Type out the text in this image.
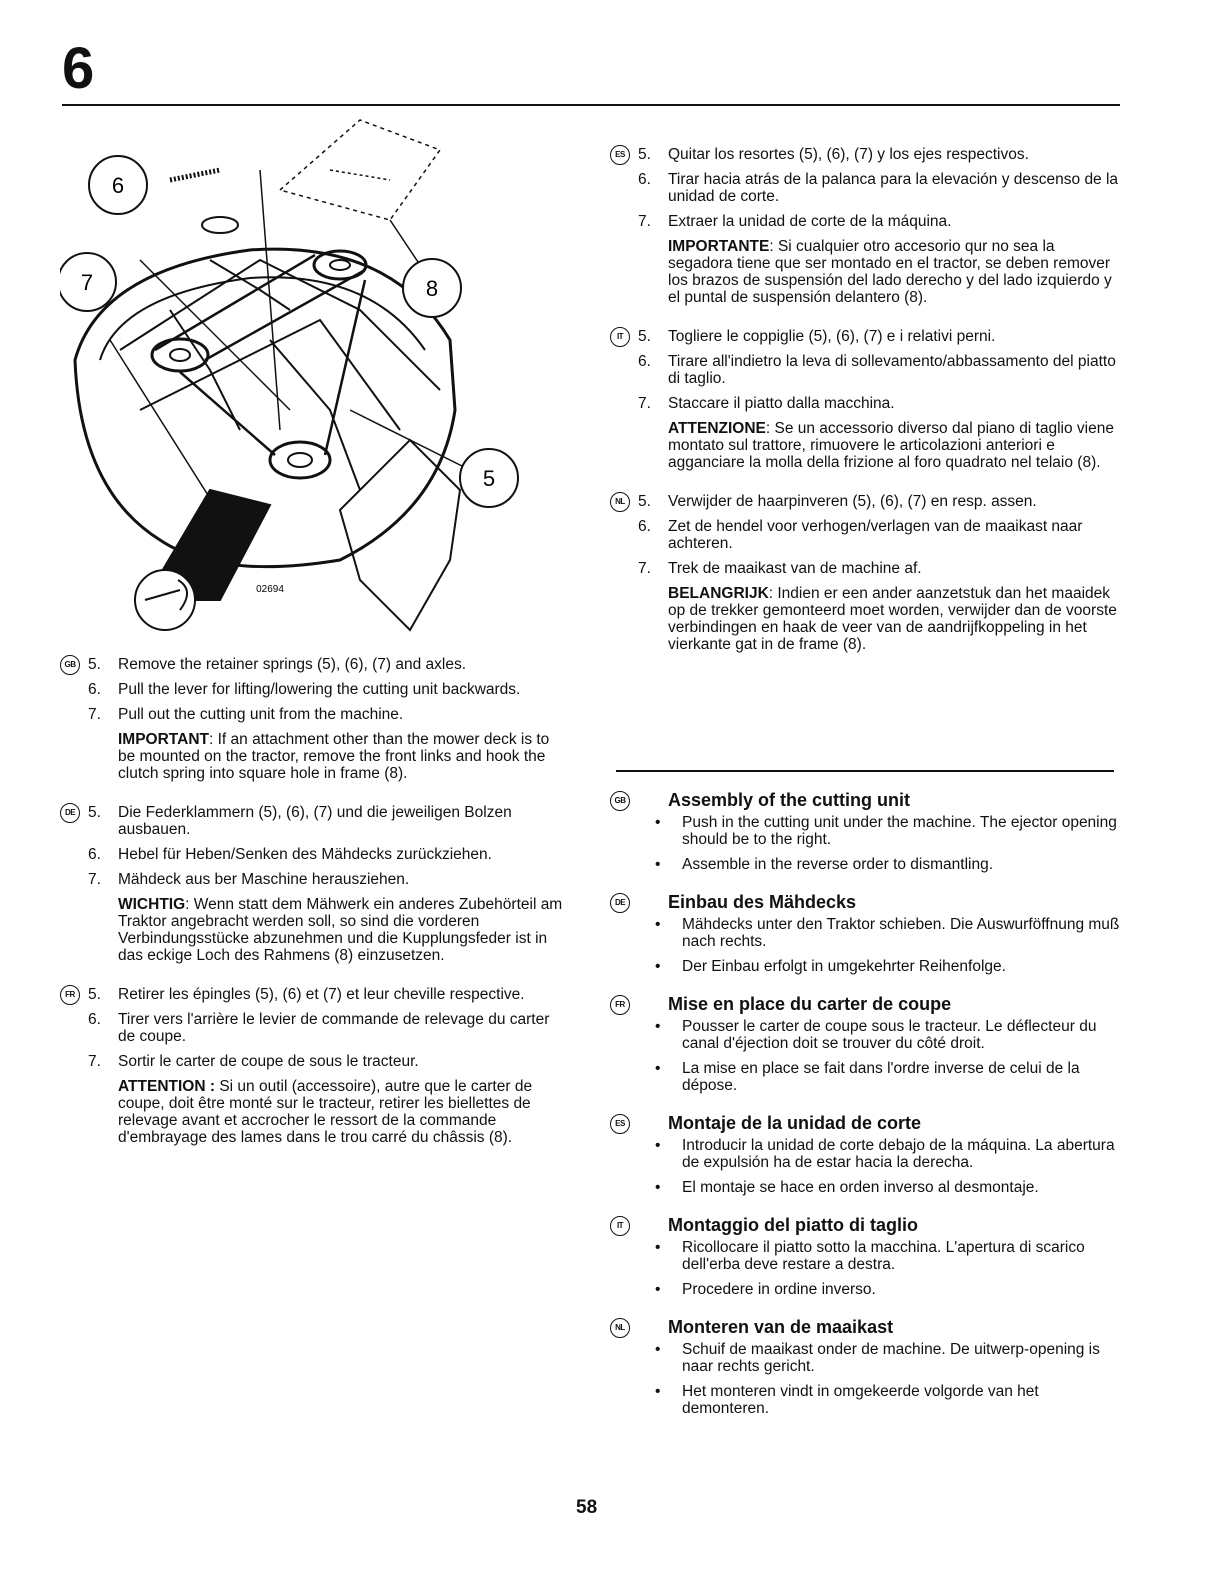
6
6
7	8
5
02694
GB 5. Remove the retainer springs (5), (6), (7) and axles.
6. Pull the lever for lifting/lowering the cutting unit backwards.
7. Pull out the cutting unit from the machine.

IMPORTANT: If an attachment other than the mower deck is to be mounted on the tractor, remove the front links and hook the clutch spring into square hole in frame (8).

DE 5. Die Federklammern (5), (6), (7) und die jeweiligen Bolzen ausbauen.
6. Hebel für Heben/Senken des Mähdecks zurückziehen.
7. Mähdeck aus ber Maschine herausziehen.

WICHTIG: Wenn statt dem Mähwerk ein anderes Zubehörteil am Traktor angebracht werden soll, so sind die vorderen Verbindungsstücke abzunehmen und die Kupplungsfeder ist in das eckige Loch des Rahmens (8) einzusetzen.

FR 5. Retirer les épingles (5), (6) et (7) et leur cheville respective.
6. Tirer vers l'arrière le levier de commande de relevage du carter de coupe.
7. Sortir le carter de coupe de sous le tracteur.

ATTENTION : Si un outil (accessoire), autre que le carter de coupe, doit être monté sur le tracteur, retirer les biellettes de relevage avant et accrocher le ressort de la commande d'embrayage des lames dans le trou carré du châssis (8).

ES 5. Quitar los resortes (5), (6), (7) y los ejes respectivos.
6. Tirar hacia atrás de la palanca para la elevación y descenso de la unidad de corte.
7. Extraer la unidad de corte de la máquina.

IMPORTANTE: Si cualquier otro accesorio qur no sea la segadora tiene que ser montado en el tractor, se deben remover los brazos de suspensión del lado derecho y del lado izquierdo y el puntal de suspensión delantero (8).

IT 5. Togliere le coppiglie (5), (6), (7) e i relativi perni.
6. Tirare all'indietro la leva di sollevamento/abbassamento del piatto di taglio.
7. Staccare il piatto dalla macchina.

ATTENZIONE: Se un accessorio diverso dal piano di taglio viene montato sul trattore, rimuovere le articolazioni anteriori e agganciare la molla della frizione al foro quadrato nel telaio (8).

NL 5. Verwijder de haarpinveren (5), (6), (7) en resp. assen.
6. Zet de hendel voor verhogen/verlagen van de maaikast naar achteren.
7. Trek de maaikast van de machine af.

BELANGRIJK: Indien er een ander aanzetstuk dan het maaidek op de trekker gemonteerd moet worden, verwijder dan de voorste verbindingen en haak de veer van de aandrijfkoppeling in het vierkante gat in de frame (8).

GB Assembly of the cutting unit
• Push in the cutting unit under the machine. The ejector opening should be to the right.
• Assemble in the reverse order to dismantling.
DE Einbau des Mähdecks
• Mähdecks unter den Traktor schieben. Die Auswurföffnung muß nach rechts.
• Der Einbau erfolgt in umgekehrter Reihenfolge.
FR Mise en place du carter de coupe
• Pousser le carter de coupe sous le tracteur. Le déflecteur du canal d'éjection doit se trouver du côté droit.
• La mise en place se fait dans l'ordre inverse de celui de la dépose.
ES Montaje de la unidad de corte
• Introducir la unidad de corte debajo de la máquina. La abertura de expulsión ha de estar hacia la derecha.
• El montaje se hace en orden inverso al desmontaje.
IT	Montaggio del piatto di taglio
• Ricollocare il piatto sotto la macchina. L'apertura di scarico dell'erba deve restare a destra.
• Procedere in ordine inverso.
NL Monteren van de maaikast
• Schuif de maaikast onder de machine. De uitwerp-opening is naar rechts gericht.
• Het monteren vindt in omgekeerde volgorde van het demonteren.
58
